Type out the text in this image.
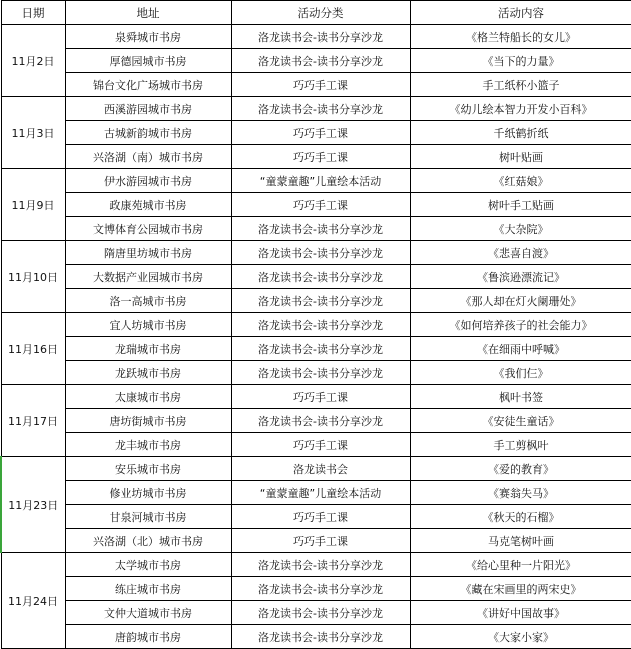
日期	地址	活动分类	活动内容
11月2日	泉舜城市书房	洛龙读书会-读书分享沙龙	《格兰特船长的女儿》
	厚德园城市书房	洛龙读书会-读书分享沙龙	《当下的力量》
	锦台文化广场城市书房	巧巧手工课	手工纸杯小篮子
11月3日	西溪游园城市书房	洛龙读书会-读书分享沙龙	《幼儿绘本智力开发小百科》
	古城新韵城市书房	巧巧手工课	千纸鹤折纸
	兴洛湖（南）城市书房	巧巧手工课	树叶贴画
11月9日	伊水游园城市书房	“童蒙童趣”儿童绘本活动	《红菇娘》
	政康苑城市书房	巧巧手工课	树叶手工贴画
	文博体育公园城市书房	洛龙读书会-读书分享沙龙	《大杂院》
11月10日	隋唐里坊城市书房	洛龙读书会-读书分享沙龙	《悲喜自渡》
	大数据产业园城市书房	洛龙读书会-读书分享沙龙	《鲁滨逊漂流记》
	洛一高城市书房	洛龙读书会-读书分享沙龙	《那人却在灯火阑珊处》
11月16日	宜人坊城市书房	洛龙读书会-读书分享沙龙	《如何培养孩子的社会能力》
	龙瑞城市书房	洛龙读书会-读书分享沙龙	《在细雨中呼喊》
	龙跃城市书房	洛龙读书会-读书分享沙龙	《我们仨》
11月17日	太康城市书房	巧巧手工课	枫叶书签
	唐坊街城市书房	洛龙读书会-读书分享沙龙	《安徒生童话》
	龙丰城市书房	巧巧手工课	手工剪枫叶
11月23日	安乐城市书房	洛龙读书会	《爱的教育》
	修业坊城市书房	“童蒙童趣”儿童绘本活动	《赛翁失马》
	甘泉河城市书房	巧巧手工课	《秋天的石榴》
	兴洛湖（北）城市书房	巧巧手工课	马克笔树叶画
11月24日	太学城市书房	洛龙读书会-读书分享沙龙	《给心里种一片阳光》
	练庄城市书房	洛龙读书会-读书分享沙龙	《藏在宋画里的两宋史》
	文仲大道城市书房	洛龙读书会-读书分享沙龙	《讲好中国故事》
	唐韵城市书房	洛龙读书会-读书分享沙龙	《大家小家》
